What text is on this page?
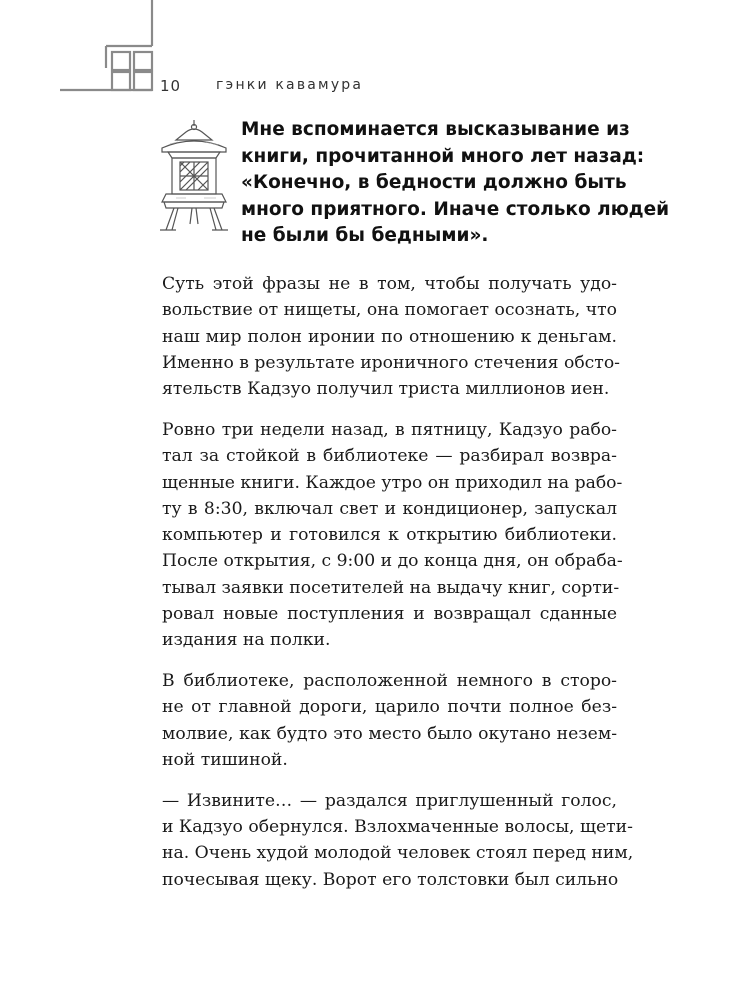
10 гэнки кавамура
Мне вспоминается высказывание из
книги, прочитанной много лет назад:
«Конечно, в бедности должно быть
много приятного. Иначе столько людей
не были бы бедными».
Суть этой фразы не в том, чтобы получать удо-
вольствие от нищеты, она помогает осознать, что
наш мир полон иронии по отношению к деньгам.
Именно в результате ироничного стечения обсто-
ятельств Кадзуо получил триста миллионов иен.
Ровно три недели назад, в пятницу, Кадзуо рабо-
тал за стойкой в библиотеке — разбирал возвра-
щенные книги. Каждое утро он приходил на рабо-
ту в 8:30, включал свет и кондиционер, запускал
компьютер и готовился к открытию библиотеки.
После открытия, с 9:00 и до конца дня, он обраба-
тывал заявки посетителей на выдачу книг, сорти-
ровал новые поступления и возвращал сданные
издания на полки.
В библиотеке, расположенной немного в сторо-
не от главной дороги, царило почти полное без-
молвие, как будто это место было окутано незем-
ной тишиной.
— Извините… — раздался приглушенный голос,
и Кадзуо обернулся. Взлохмаченные волосы, щети-
на. Очень худой молодой человек стоял перед ним,
почесывая щеку. Ворот его толстовки был сильно
